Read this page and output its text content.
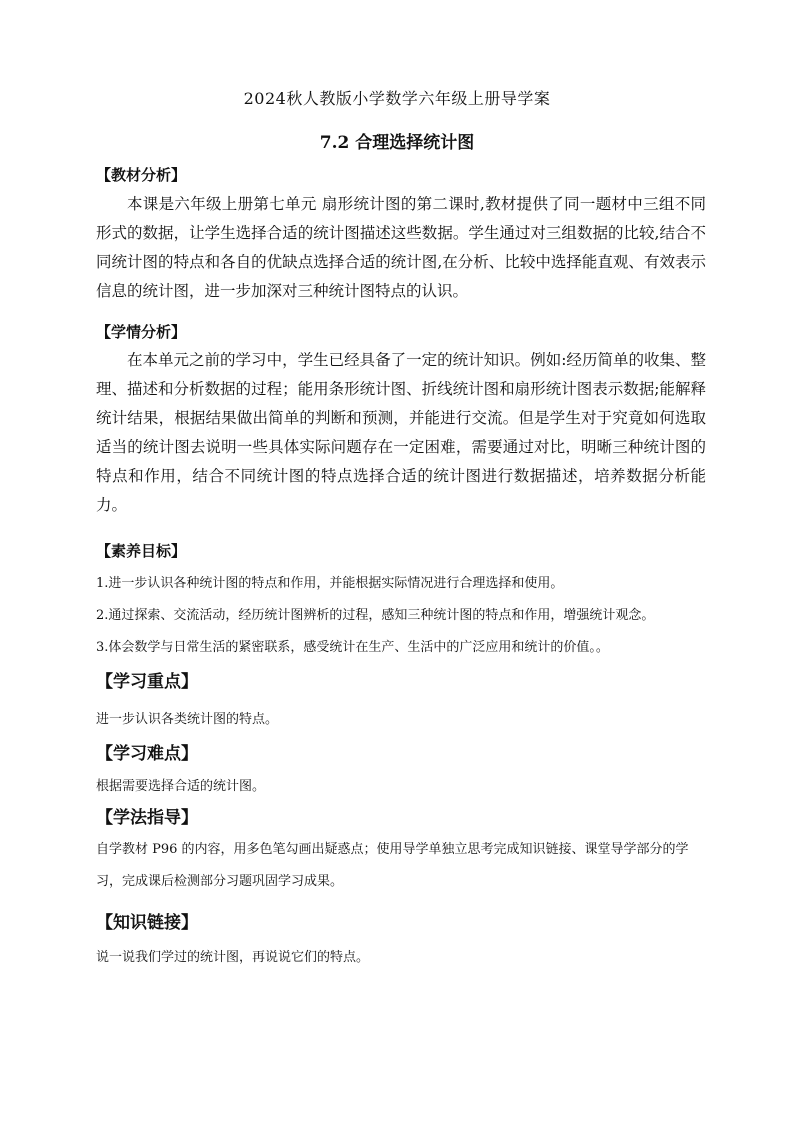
2024秋人教版小学数学六年级上册导学案
7.2 合理选择统计图
【教材分析】
本课是六年级上册第七单元 扇形统计图的第二课时,教材提供了同一题材中三组不同形式的数据，让学生选择合适的统计图描述这些数据。学生通过对三组数据的比较,结合不同统计图的特点和各自的优缺点选择合适的统计图,在分析、比较中选择能直观、有效表示信息的统计图，进一步加深对三种统计图特点的认识。
【学情分析】
在本单元之前的学习中，学生已经具备了一定的统计知识。例如:经历简单的收集、整理、描述和分析数据的过程；能用条形统计图、折线统计图和扇形统计图表示数据;能解释统计结果，根据结果做出简单的判断和预测，并能进行交流。但是学生对于究竟如何选取适当的统计图去说明一些具体实际问题存在一定困难，需要通过对比，明晰三种统计图的特点和作用，结合不同统计图的特点选择合适的统计图进行数据描述，培养数据分析能力。
【素养目标】
1.进一步认识各种统计图的特点和作用，并能根据实际情况进行合理选择和使用。
2.通过探索、交流活动，经历统计图辨析的过程，感知三种统计图的特点和作用，增强统计观念。
3.体会数学与日常生活的紧密联系，感受统计在生产、生活中的广泛应用和统计的价值。。
【学习重点】
进一步认识各类统计图的特点。
【学习难点】
根据需要选择合适的统计图。
【学法指导】
自学教材 P96 的内容，用多色笔勾画出疑惑点；使用导学单独立思考完成知识链接、课堂导学部分的学习，完成课后检测部分习题巩固学习成果。
【知识链接】
说一说我们学过的统计图，再说说它们的特点。
